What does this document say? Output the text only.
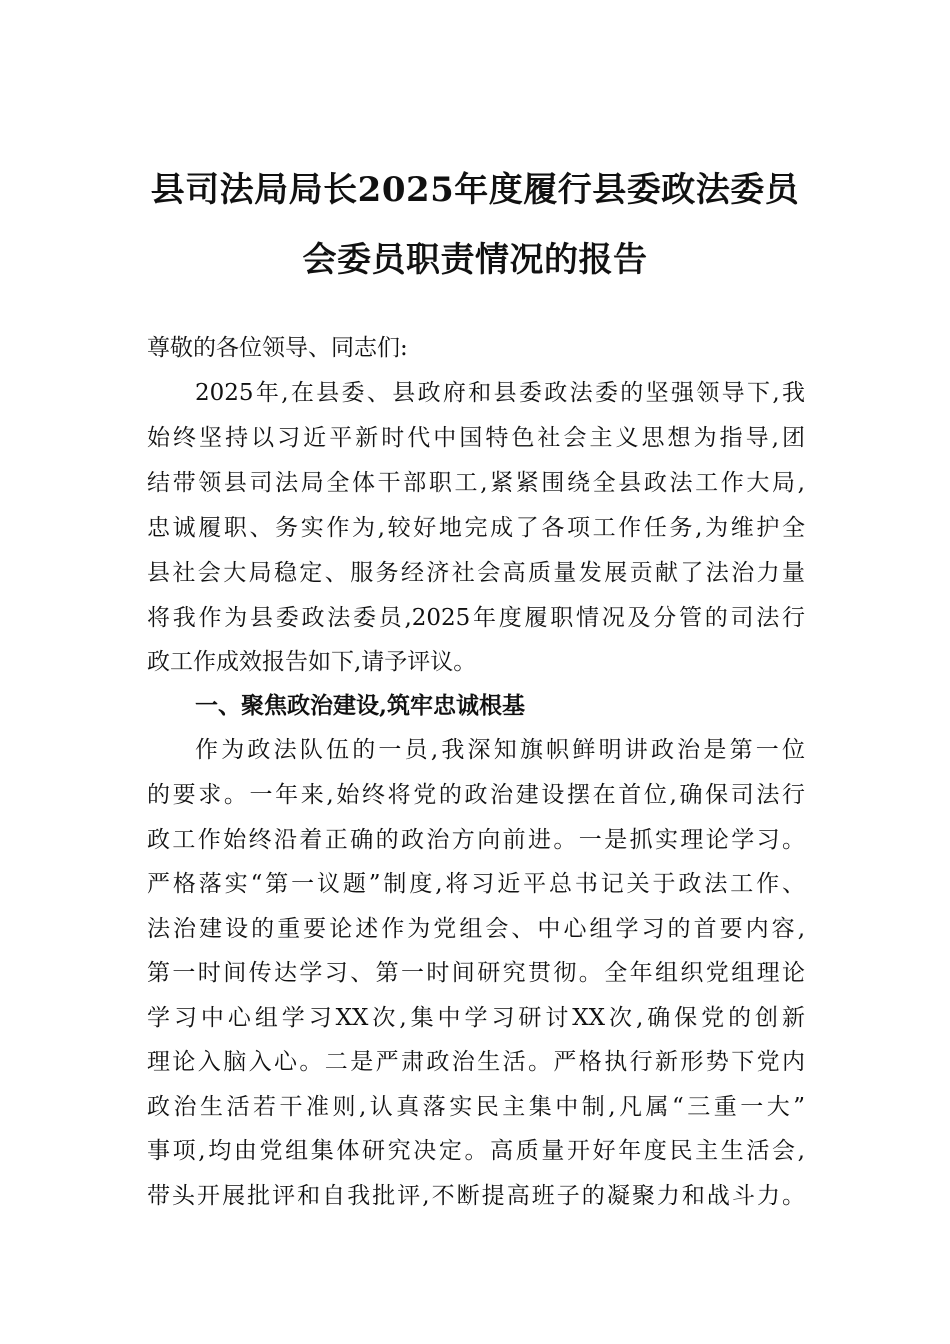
县司法局局长2025年度履行县委政法委员
会委员职责情况的报告
尊敬的各位领导、同志们:
2025年,在县委、县政府和县委政法委的坚强领导下,我
始终坚持以习近平新时代中国特色社会主义思想为指导,团
结带领县司法局全体干部职工,紧紧围绕全县政法工作大局,
忠诚履职、务实作为,较好地完成了各项工作任务,为维护全
县社会大局稳定、服务经济社会高质量发展贡献了法治力量
将我作为县委政法委员,2025年度履职情况及分管的司法行
政工作成效报告如下,请予评议。
一、聚焦政治建设,筑牢忠诚根基
作为政法队伍的一员,我深知旗帜鲜明讲政治是第一位
的要求。一年来,始终将党的政治建设摆在首位,确保司法行
政工作始终沿着正确的政治方向前进。一是抓实理论学习。
严格落实“第一议题”制度,将习近平总书记关于政法工作、
法治建设的重要论述作为党组会、中心组学习的首要内容,
第一时间传达学习、第一时间研究贯彻。全年组织党组理论
学习中心组学习XX次,集中学习研讨XX次,确保党的创新
理论入脑入心。二是严肃政治生活。严格执行新形势下党内
政治生活若干准则,认真落实民主集中制,凡属“三重一大”
事项,均由党组集体研究决定。高质量开好年度民主生活会,
带头开展批评和自我批评,不断提高班子的凝聚力和战斗力。
